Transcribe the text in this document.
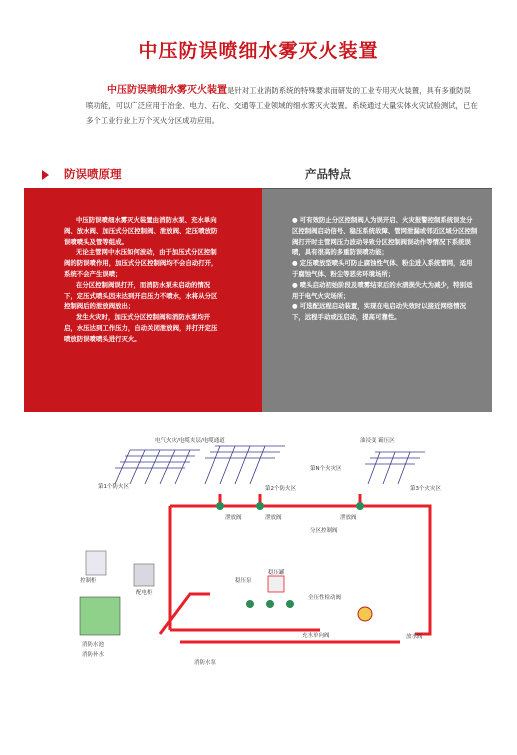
中压防误喷细水雾灭火装置
中压防误喷细水雾灭火装置是针对工业消防系统的特殊要求而研发的工业专用灭火装置，具有多重防误喷功能，可以广泛应用于冶金、电力、石化、交通等工业领域的细水雾灭火装置。系统通过大量实体火灾试验测试，已在多个工业行业上万个灭火分区成功应用。
防误喷原理	产品特点

中压防误喷细水雾灭火装置由消防水泵、充水单向阀、放水阀、加压式分区控制阀、泄放阀、定压喷放防误喷喷头及管等组成。

无论主管网中水压如何波动，由于加压式分区控制阀的防误喷作用，加压式分区控制阀均不会自动打开，系统不会产生误喷；

在分区控制阀误打开，而消防水泵未启动的情况下，定压式喷头因未达到开启压力不喷水，水将从分区控制阀后的泄放阀放出；

发生火灾时，加压式分区控制阀和消防水泵均开启，水压达到工作压力，自动关闭泄放阀，并打开定压喷放防误喷喷头进行灭火。

● 可有效防止分区控制阀人为误开启、火灾报警控制系统误发分区控制阀启动信号、稳压系统故障、管网泄漏或邻近区域分区控制阀打开时主管网压力波动导致分区控制阀误动作等情况下系统误喷，具有很高的多重防误喷功能；

● 定压喷放型喷头可防止腐蚀性气体、粉尘进入系统管网，适用于腐蚀气体、粉尘等恶劣环境场所；

● 喷头启动初始阶段及喷雾结束后的水渍损失大为减少，特别适用于电气火灾场所；

● 可选配远程启动装置，实现在电启动失效时以接近网络情况下，远程手动或压启动，提高可靠性。

电气火灾/电缆夹层/电缆通道
第1个防火区	第2个防火区	第3个火灾区
第N个火灾区
油浸变 霸压区
泄放阀	泄放阀	泄放阀
分区控制阀
控制柜
配电柜
稳压泵
稳压罐
全压性检动阀
充水单向阀	放水阀
消防水池
消防补水
消防水泵
